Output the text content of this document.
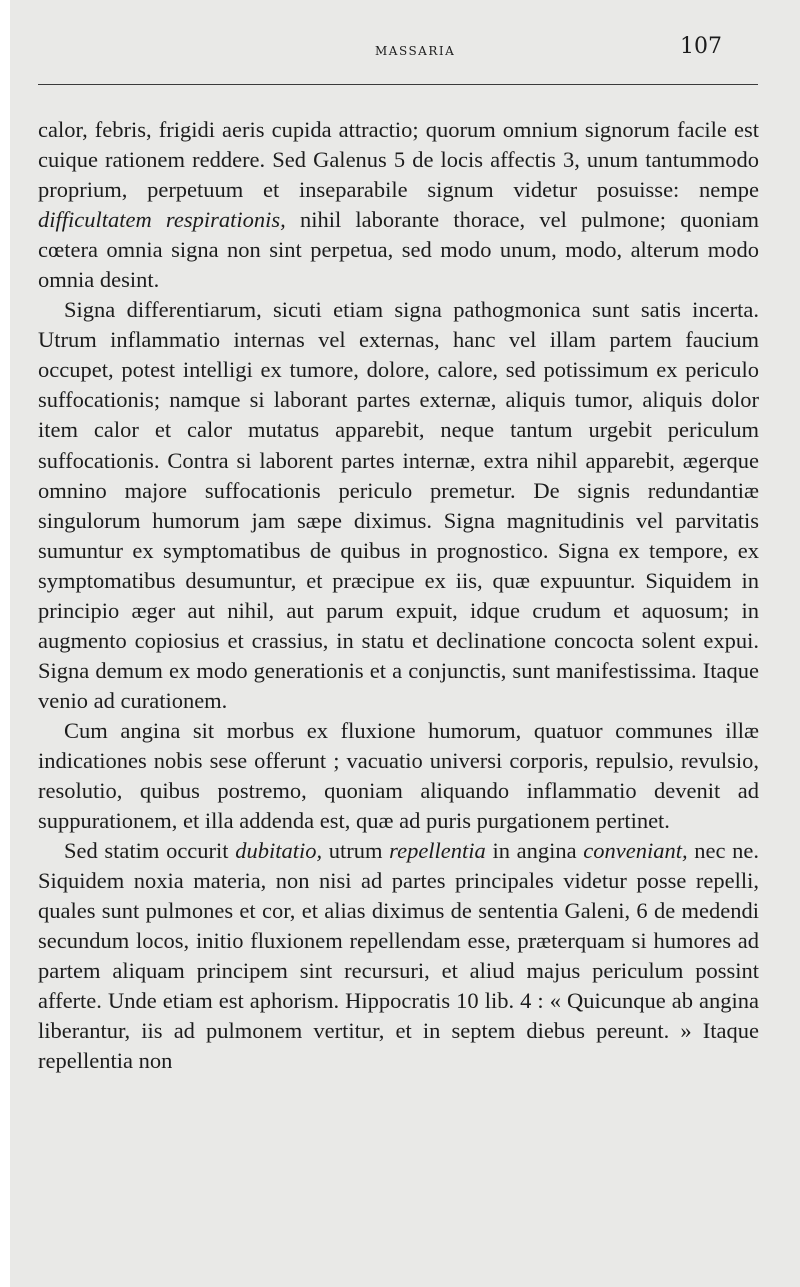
MASSARIA	107

calor, febris, frigidi aeris cupida attractio; quorum omnium signorum facile est cuique rationem reddere. Sed Galenus 5 de locis affectis 3, unum tantummodo proprium, perpetuum et inseparabile signum videtur posuisse: nempe difficultatem respirationis, nihil laborante thorace, vel pulmone; quoniam cœtera omnia signa non sint perpetua, sed modo unum, modo, alterum modo omnia desint.

Signa differentiarum, sicuti etiam signa pathogmonica sunt satis incerta. Utrum inflammatio internas vel externas, hanc vel illam partem faucium occupet, potest intelligi ex tumore, dolore, calore, sed potissimum ex periculo suffocationis; namque si laborant partes externæ, aliquis tumor, aliquis dolor item calor et calor mutatus apparebit, neque tantum urgebit periculum suffocationis. Contra si laborent partes internæ, extra nihil apparebit, ægerque omnino majore suffocationis periculo premetur. De signis redundantiæ singulorum humorum jam sæpe diximus. Signa magnitudinis vel parvitatis sumuntur ex symptomatibus de quibus in prognostico. Signa ex tempore, ex symptomatibus desumuntur, et præcipue ex iis, quæ expuuntur. Siquidem in principio æger aut nihil, aut parum expuit, idque crudum et aquosum; in augmento copiosius et crassius, in statu et declinatione concocta solent expui. Signa demum ex modo generationis et a conjunctis, sunt manifestissima. Itaque venio ad curationem.

Cum angina sit morbus ex fluxione humorum, quatuor communes illæ indicationes nobis sese offerunt ; vacuatio universi corporis, repulsio, revulsio, resolutio, quibus postremo, quoniam aliquando inflammatio devenit ad suppurationem, et illa addenda est, quæ ad puris purgationem pertinet.

Sed statim occurit dubitatio, utrum repellentia in angina conveniant, nec ne. Siquidem noxia materia, non nisi ad partes principales videtur posse repelli, quales sunt pulmones et cor, et alias diximus de sententia Galeni, 6 de medendi secundum locos, initio fluxionem repellendam esse, præterquam si humores ad partem aliquam principem sint recursuri, et aliud majus periculum possint afferte. Unde etiam est aphorism. Hippocratis 10 lib. 4 : « Quicunque ab angina liberantur, iis ad pulmonem vertitur, et in septem diebus pereunt. » Itaque repellentia non
